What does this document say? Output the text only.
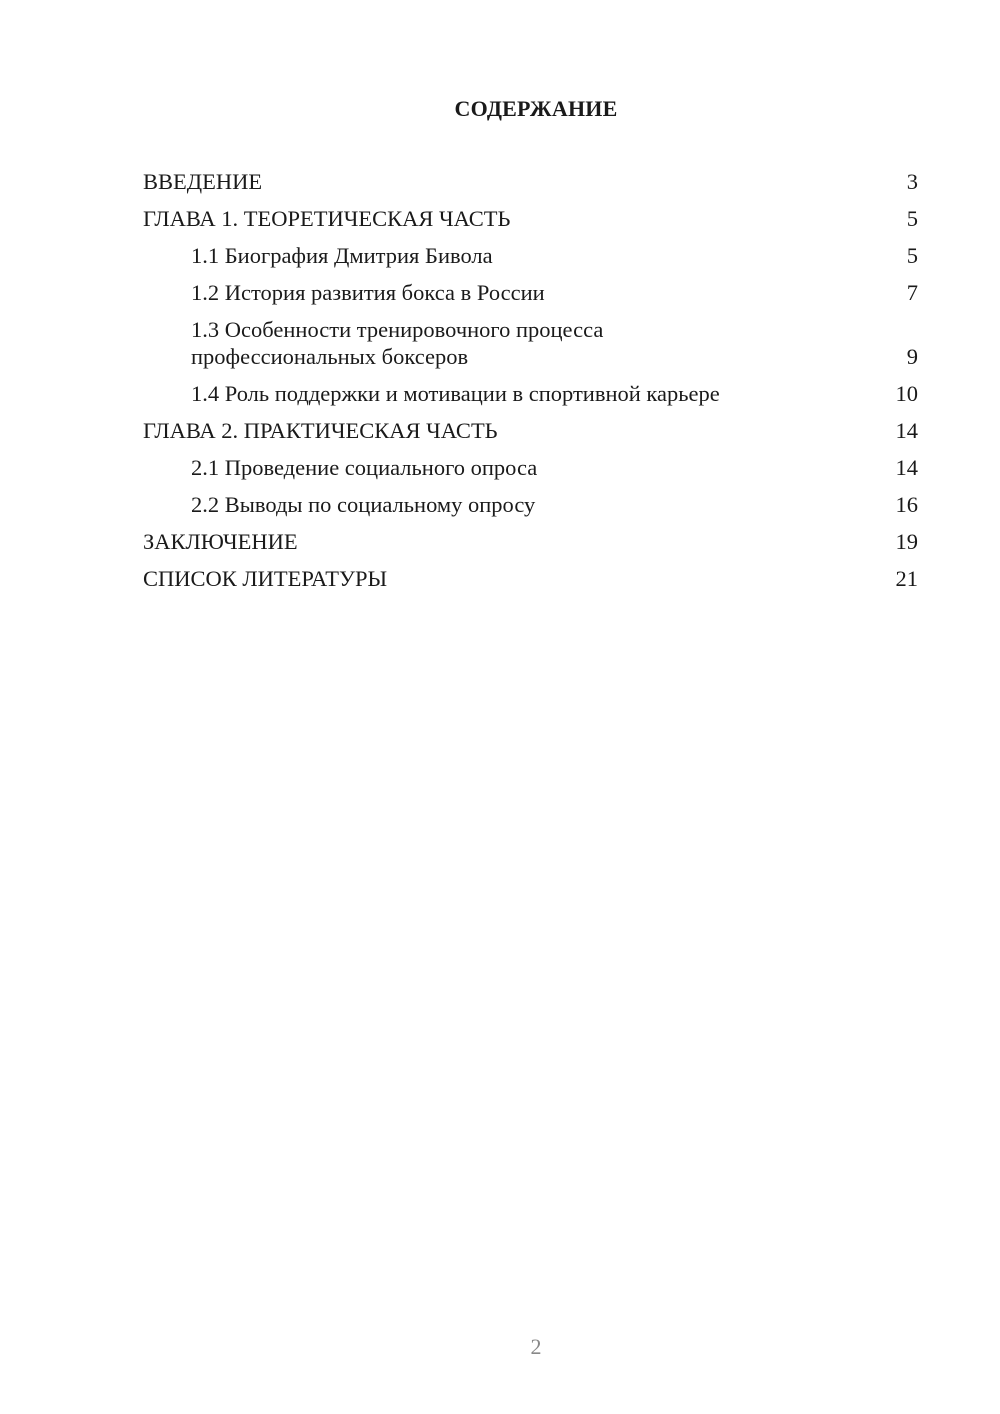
СОДЕРЖАНИЕ
ВВЕДЕНИЕ	3
ГЛАВА 1. ТЕОРЕТИЧЕСКАЯ ЧАСТЬ	5
1.1 Биография Дмитрия Бивола	5
1.2 История развития бокса в России	7
1.3 Особенности тренировочного процесса
профессиональных боксеров	9
1.4 Роль поддержки и мотивации в спортивной карьере	10
ГЛАВА 2. ПРАКТИЧЕСКАЯ ЧАСТЬ	14
2.1 Проведение социального опроса	14
2.2 Выводы по социальному опросу	16
ЗАКЛЮЧЕНИЕ	19
СПИСОК ЛИТЕРАТУРЫ	21
2
